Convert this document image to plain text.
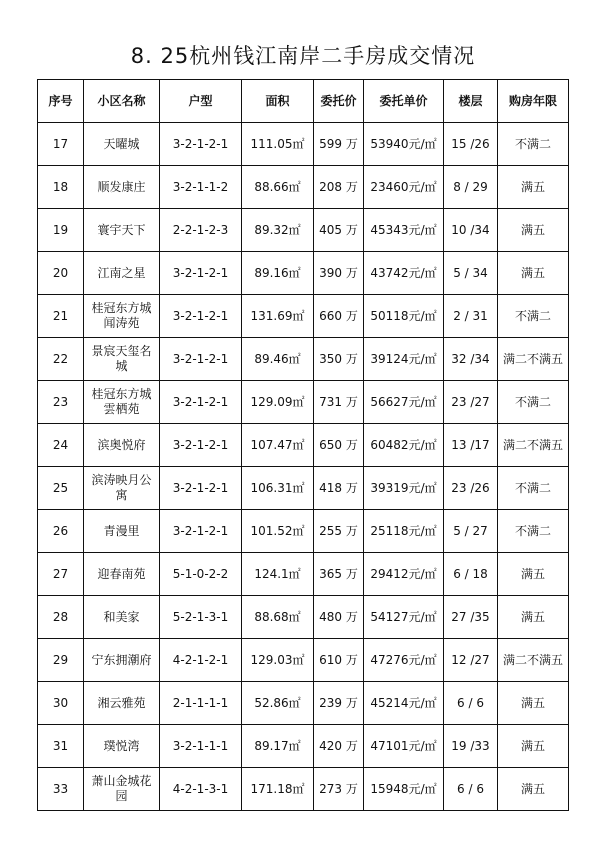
8. 25杭州钱江南岸二手房成交情况
序号	小区名称	户型	面积	委托价	委托单价	楼层	购房年限
17	天曜城	3-2-1-2-1	111.05㎡	599 万	53940元/㎡	15 /26	不满二
18	顺发康庄	3-2-1-1-2	88.66㎡	208 万	23460元/㎡	8 / 29	满五
19	寰宇天下	2-2-1-2-3	89.32㎡	405 万	45343元/㎡	10 /34	满五
20	江南之星	3-2-1-2-1	89.16㎡	390 万	43742元/㎡	5 / 34	满五
21	桂冠东方城闻涛苑	3-2-1-2-1	131.69㎡	660 万	50118元/㎡	2 / 31	不满二
22	景宸天玺名城	3-2-1-2-1	89.46㎡	350 万	39124元/㎡	32 /34	满二不满五
23	桂冠东方城雲栖苑	3-2-1-2-1	129.09㎡	731 万	56627元/㎡	23 /27	不满二
24	滨奥悦府	3-2-1-2-1	107.47㎡	650 万	60482元/㎡	13 /17	满二不满五
25	滨涛映月公寓	3-2-1-2-1	106.31㎡	418 万	39319元/㎡	23 /26	不满二
26	青漫里	3-2-1-2-1	101.52㎡	255 万	25118元/㎡	5 / 27	不满二
27	迎春南苑	5-1-0-2-2	124.1㎡	365 万	29412元/㎡	6 / 18	满五
28	和美家	5-2-1-3-1	88.68㎡	480 万	54127元/㎡	27 /35	满五
29	宁东拥潮府	4-2-1-2-1	129.03㎡	610 万	47276元/㎡	12 /27	满二不满五
30	湘云雅苑	2-1-1-1-1	52.86㎡	239 万	45214元/㎡	6 / 6	满五
31	璞悦湾	3-2-1-1-1	89.17㎡	420 万	47101元/㎡	19 /33	满五
33	萧山金城花园	4-2-1-3-1	171.18㎡	273 万	15948元/㎡	6 / 6	满五
